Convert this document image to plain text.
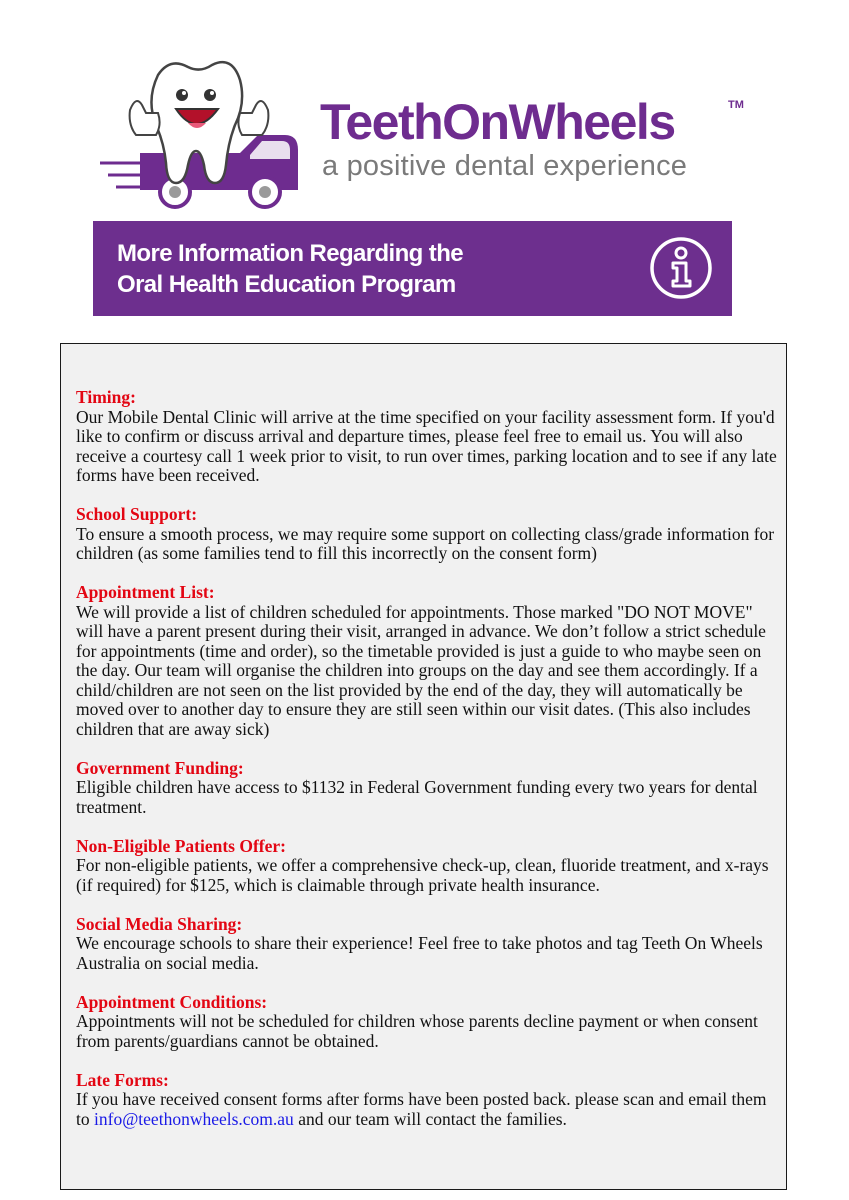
TeethOnWheels	TM
a positive dental experience
More Information Regarding the
Oral Health Education Program
Timing:

Our Mobile Dental Clinic will arrive at the time specified on your facility assessment form. If you'd like to confirm or discuss arrival and departure times, please feel free to email us. You will also receive a courtesy call 1 week prior to visit, to run over times, parking location and to see if any late forms have been received.

School Support:

To ensure a smooth process, we may require some support on collecting class/grade information for children (as some families tend to fill this incorrectly on the consent form)

Appointment List:

We will provide a list of children scheduled for appointments. Those marked "DO NOT MOVE" will have a parent present during their visit, arranged in advance. We don’t follow a strict schedule for appointments (time and order), so the timetable provided is just a guide to who maybe seen on the day. Our team will organise the children into groups on the day and see them accordingly. If a child/children are not seen on the list provided by the end of the day, they will automatically be moved over to another day to ensure they are still seen within our visit dates. (This also includes children that are away sick)

Government Funding:

Eligible children have access to $1132 in Federal Government funding every two years for dental treatment.

Non-Eligible Patients Offer:

For non-eligible patients, we offer a comprehensive check-up, clean, fluoride treatment, and x-rays (if required) for $125, which is claimable through private health insurance.

Social Media Sharing:

We encourage schools to share their experience! Feel free to take photos and tag Teeth On Wheels Australia on social media.

Appointment Conditions:

Appointments will not be scheduled for children whose parents decline payment or when consent from parents/guardians cannot be obtained.

Late Forms:

If you have received consent forms after forms have been posted back. please scan and email them to info@teethonwheels.com.au and our team will contact the families.
